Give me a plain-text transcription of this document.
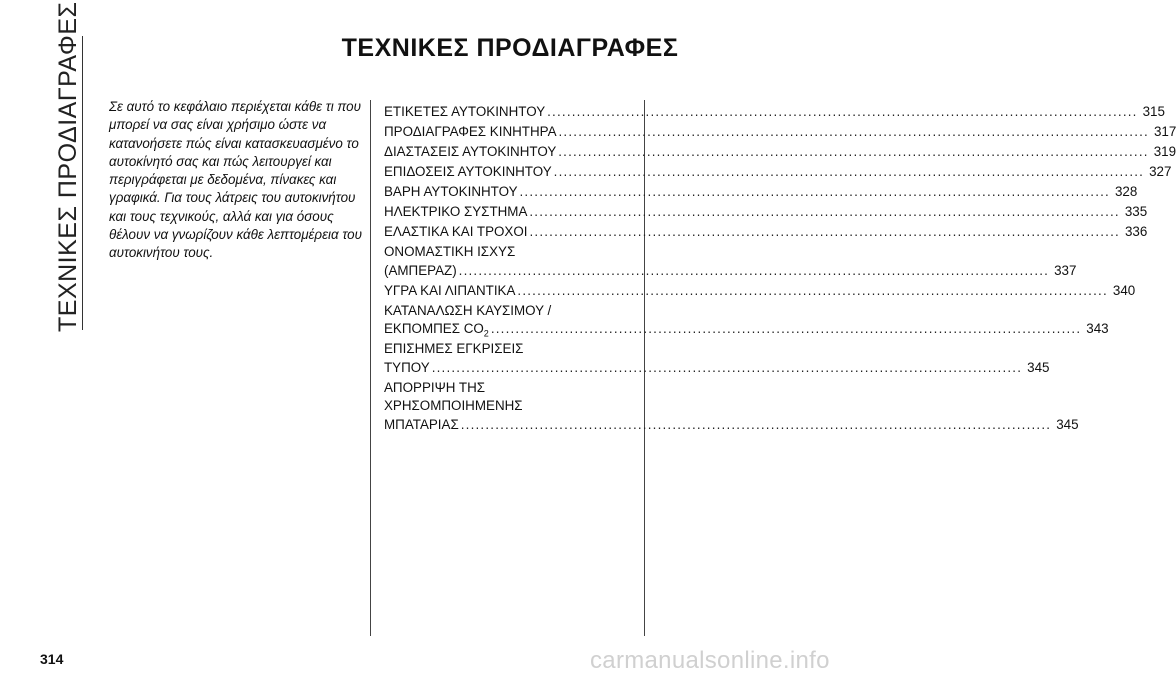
ΤΕΧΝΙΚΕΣ ΠΡΟΔΙΑΓΡΑΦΕΣ	ΤΕΧΝΙΚΕΣ ΠΡΟΔΙΑΓΡΑΦΕΣ
Σε αυτό το κεφάλαιο περιέχεται κάθε τι που μπορεί να σας είναι χρήσιμο ώστε να κατανοήσετε πώς είναι κατασκευασμένο το αυτοκίνητό σας και πώς λειτουργεί και περιγράφεται με δεδομένα, πίνακες και γραφικά. Για τους λάτρεις του αυτοκινήτου και τους τεχνικούς, αλλά και για όσους θέλουν να γνωρίζουν κάθε λεπτομέρεια του αυτοκινήτου τους.
ΕΤΙΚΕΤΕΣ ΑΥΤΟΚΙΝΗΤΟΥ ........................................................................................................................ 315
ΠΡΟΔΙΑΓΡΑΦΕΣ ΚΙΝΗΤΗΡΑ ........................................................................................................................ 317
ΔΙΑΣΤΑΣΕΙΣ ΑΥΤΟΚΙΝΗΤΟΥ ........................................................................................................................ 319
ΕΠΙΔΟΣΕΙΣ ΑΥΤΟΚΙΝΗΤΟΥ ........................................................................................................................ 327
ΒΑΡΗ ΑΥΤΟΚΙΝΗΤΟΥ ........................................................................................................................ 328
ΗΛΕΚΤΡΙΚΟ ΣΥΣΤΗΜΑ ........................................................................................................................ 335
ΕΛΑΣΤΙΚΑ ΚΑΙ ΤΡΟΧΟΙ ........................................................................................................................ 336
ΟΝΟΜΑΣΤΙΚΗ ΙΣΧΥΣ
(ΑΜΠΕΡΑΖ) ........................................................................................................................ 337
ΥΓΡΑ ΚΑΙ ΛΙΠΑΝΤΙΚΑ ........................................................................................................................ 340
ΚΑΤΑΝΑΛΩΣΗ ΚΑΥΣΙΜΟΥ /
ΕΚΠΟΜΠΕΣ $CO_2$ ........................................................................................................................ 343
ΕΠΙΣΗΜΕΣ ΕΓΚΡΙΣΕΙΣ
ΤΥΠΟΥ ........................................................................................................................ 345
ΑΠΟΡΡΙΨΗ ΤΗΣ
ΧΡΗΣΟΜΠΟΙΗΜΕΝΗΣ
ΜΠΑΤΑΡΙΑΣ ........................................................................................................................ 345
314	carmanualsonline.info
